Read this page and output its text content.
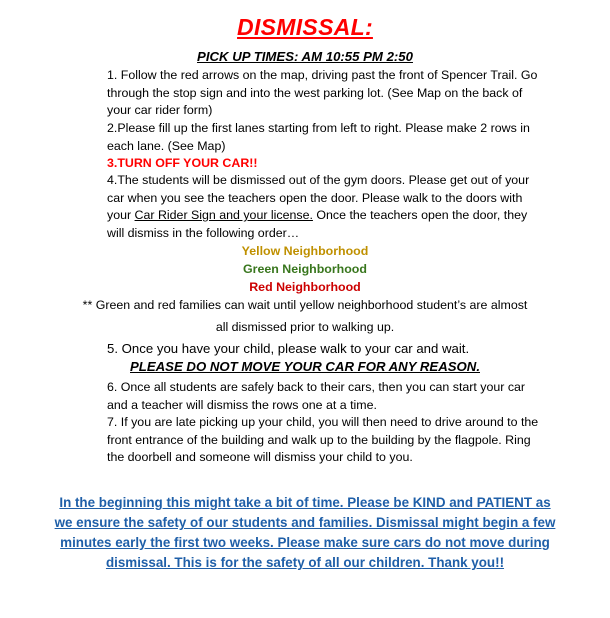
DISMISSAL:
PICK UP TIMES: AM 10:55 PM 2:50
1. Follow the red arrows on the map, driving past the front of Spencer Trail. Go through the stop sign and into the west parking lot. (See Map on the back of your car rider form)
2.Please fill up the first lanes starting from left to right. Please make 2 rows in each lane. (See Map)
3.TURN OFF YOUR CAR!!
4.The students will be dismissed out of the gym doors. Please get out of your car when you see the teachers open the door. Please walk to the doors with your Car Rider Sign and your license. Once the teachers open the door, they will dismiss in the following order…
Yellow Neighborhood
Green Neighborhood
Red Neighborhood
** Green and red families can wait until yellow neighborhood student’s are almost
all dismissed prior to walking up.
5. Once you have your child, please walk to your car and wait.
PLEASE DO NOT MOVE YOUR CAR FOR ANY REASON.
6. Once all students are safely back to their cars, then you can start your car and a teacher will dismiss the rows one at a time.
7. If you are late picking up your child, you will then need to drive around to the front entrance of the building and walk up to the building by the flagpole. Ring the doorbell and someone will dismiss your child to you.
In the beginning this might take a bit of time. Please be KIND and PATIENT as we ensure the safety of our students and families. Dismissal might begin a few minutes early the first two weeks. Please make sure cars do not move during dismissal. This is for the safety of all our children. Thank you!!
